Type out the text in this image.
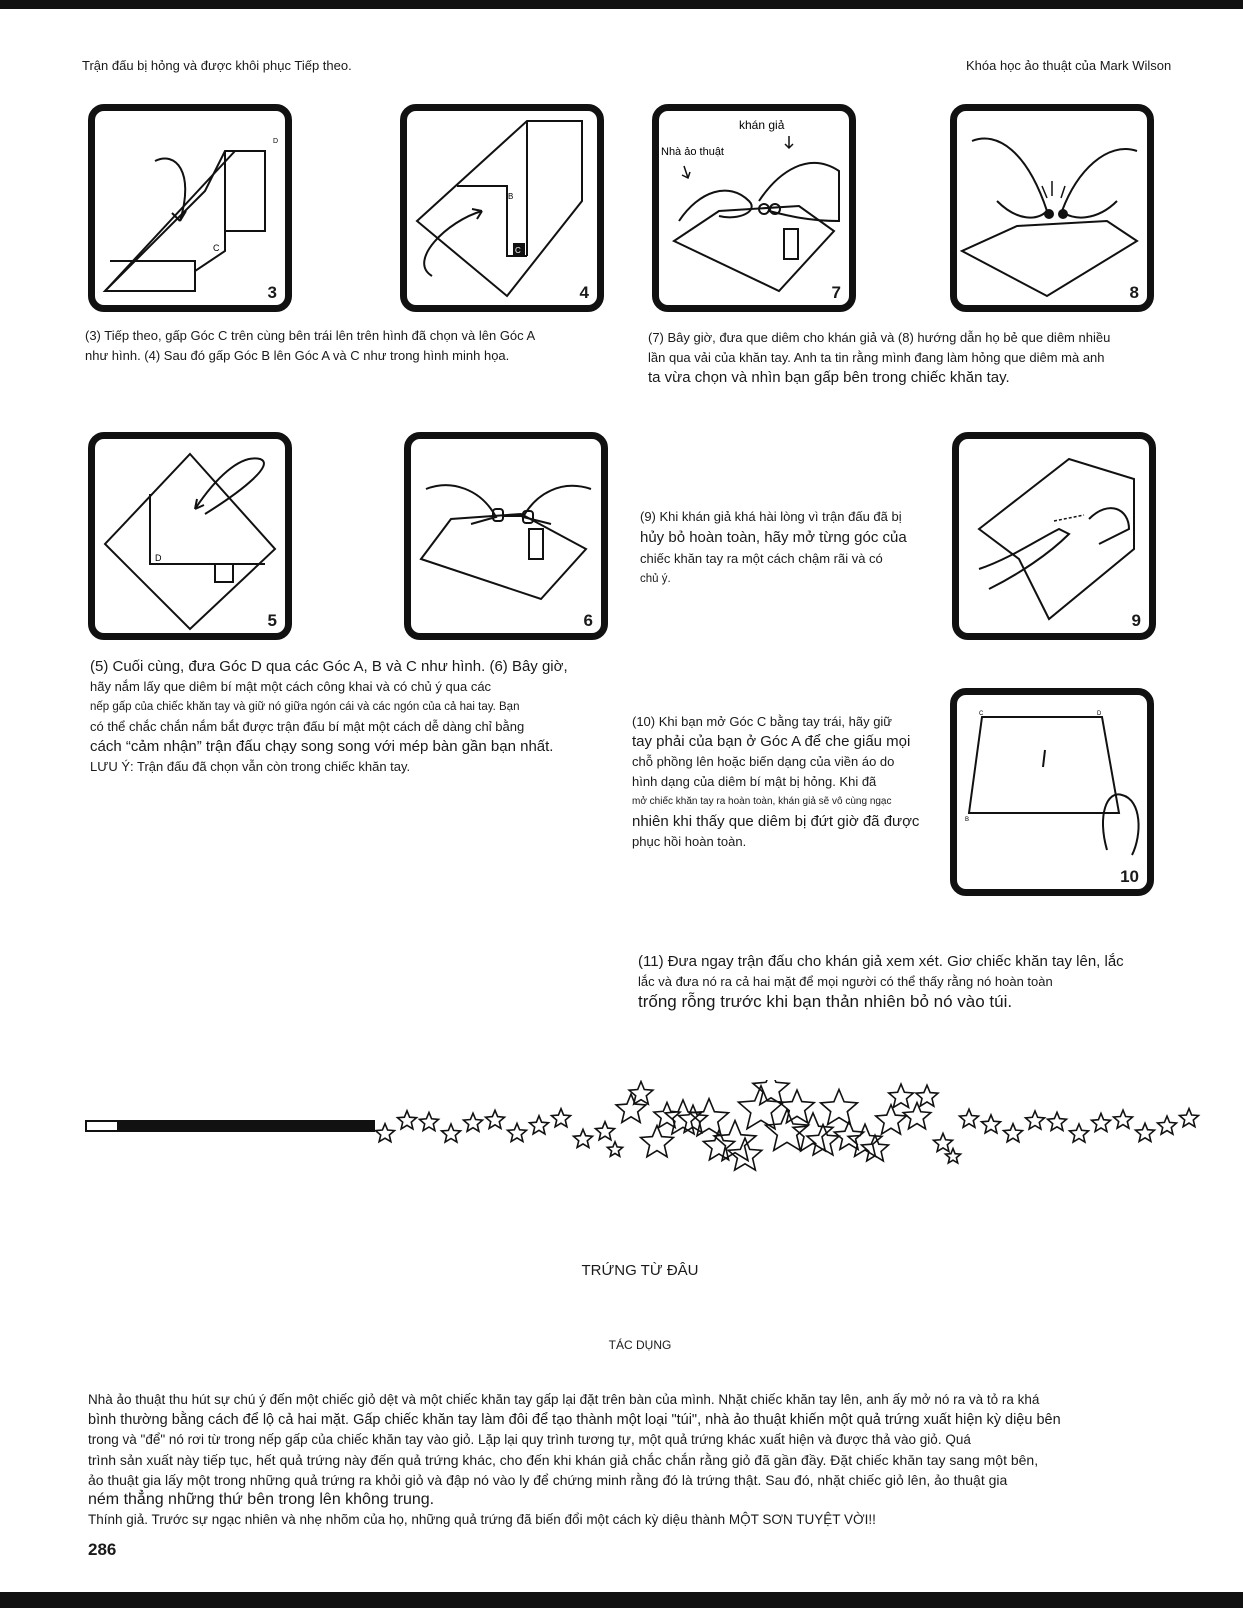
Trận đấu bị hỏng và được khôi phục Tiếp theo.	Khóa học ảo thuật của Mark Wilson
C
D
3
B
C
4
khán giả
Nhà ảo thuật
7	8

(3) Tiếp theo, gấp Góc C trên cùng bên trái lên trên hình đã chọn và lên Góc A

như hình. (4) Sau đó gấp Góc B lên Góc A và C như trong hình minh họa.

(7) Bây giờ, đưa que diêm cho khán giả và (8) hướng dẫn họ bẻ que diêm nhiều

lần qua vải của khăn tay. Anh ta tin rằng mình đang làm hỏng que diêm mà anh

ta vừa chọn và nhìn bạn gấp bên trong chiếc khăn tay.

D
5	6	9

(9) Khi khán giả khá hài lòng vì trận đấu đã bị

hủy bỏ hoàn toàn, hãy mở từng góc của

chiếc khăn tay ra một cách chậm rãi và có

chủ ý.

(5) Cuối cùng, đưa Góc D qua các Góc A, B và C như hình. (6) Bây giờ,

hãy nắm lấy que diêm bí mật một cách công khai và có chủ ý qua các

nếp gấp của chiếc khăn tay và giữ nó giữa ngón cái và các ngón của cả hai tay. Bạn

có thể chắc chắn nắm bắt được trận đấu bí mật một cách dễ dàng chỉ bằng

cách “cảm nhận” trận đấu chạy song song với mép bàn gần bạn nhất.

LƯU Ý: Trận đấu đã chọn vẫn còn trong chiếc khăn tay.

C	D
B
10

(10) Khi bạn mở Góc C bằng tay trái, hãy giữ

tay phải của bạn ở Góc A để che giấu mọi

chỗ phồng lên hoặc biến dạng của viền áo do

hình dạng của diêm bí mật bị hỏng. Khi đã

mở chiếc khăn tay ra hoàn toàn, khán giả sẽ vô cùng ngạc

nhiên khi thấy que diêm bị đứt giờ đã được

phục hồi hoàn toàn.

(11) Đưa ngay trận đấu cho khán giả xem xét. Giơ chiếc khăn tay lên, lắc

lắc và đưa nó ra cả hai mặt để mọi người có thể thấy rằng nó hoàn toàn

trống rỗng trước khi bạn thản nhiên bỏ nó vào túi.

TRỨNG TỪ ĐÂU
TÁC DỤNG

Nhà ảo thuật thu hút sự chú ý đến một chiếc giỏ dệt và một chiếc khăn tay gấp lại đặt trên bàn của mình. Nhặt chiếc khăn tay lên, anh ấy mở nó ra và tỏ ra khá

bình thường bằng cách để lộ cả hai mặt. Gấp chiếc khăn tay làm đôi để tạo thành một loại "túi", nhà ảo thuật khiến một quả trứng xuất hiện kỳ diệu bên

trong và "để" nó rơi từ trong nếp gấp của chiếc khăn tay vào giỏ. Lặp lại quy trình tương tự, một quả trứng khác xuất hiện và được thả vào giỏ. Quá

trình sản xuất này tiếp tục, hết quả trứng này đến quả trứng khác, cho đến khi khán giả chắc chắn rằng giỏ đã gần đầy. Đặt chiếc khăn tay sang một bên,

ảo thuật gia lấy một trong những quả trứng ra khỏi giỏ và đập nó vào ly để chứng minh rằng đó là trứng thật. Sau đó, nhặt chiếc giỏ lên, ảo thuật gia

ném thẳng những thứ bên trong lên không trung.

Thính giả. Trước sự ngạc nhiên và nhẹ nhõm của họ, những quả trứng đã biến đổi một cách kỳ diệu thành MỘT SƠN TUYỆT VỜI!!

286
